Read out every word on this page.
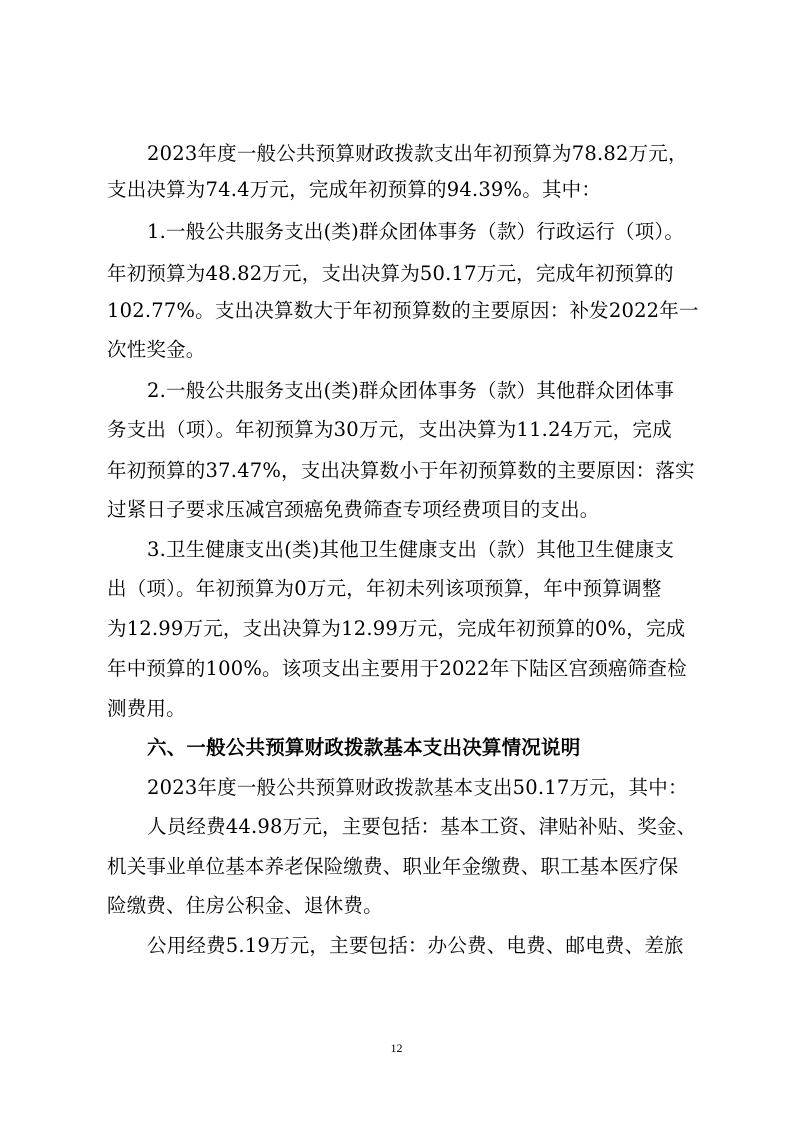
2023年度一般公共预算财政拨款支出年初预算为78.82万元，
支出决算为74.4万元，完成年初预算的94.39%。其中：
1.一般公共服务支出(类)群众团体事务（款）行政运行（项）。
年初预算为48.82万元，支出决算为50.17万元，完成年初预算的
102.77%。支出决算数大于年初预算数的主要原因：补发2022年一
次性奖金。
2.一般公共服务支出(类)群众团体事务（款）其他群众团体事
务支出（项）。年初预算为30万元，支出决算为11.24万元，完成
年初预算的37.47%，支出决算数小于年初预算数的主要原因：落实
过紧日子要求压减宫颈癌免费筛查专项经费项目的支出。
3.卫生健康支出(类)其他卫生健康支出（款）其他卫生健康支
出（项）。年初预算为0万元，年初未列该项预算，年中预算调整
为12.99万元，支出决算为12.99万元，完成年初预算的0%，完成
年中预算的100%。该项支出主要用于2022年下陆区宫颈癌筛查检
测费用。
六、一般公共预算财政拨款基本支出决算情况说明
2023年度一般公共预算财政拨款基本支出50.17万元，其中：
人员经费44.98万元，主要包括：基本工资、津贴补贴、奖金、
机关事业单位基本养老保险缴费、职业年金缴费、职工基本医疗保
险缴费、住房公积金、退休费。
公用经费5.19万元，主要包括：办公费、电费、邮电费、差旅
12
